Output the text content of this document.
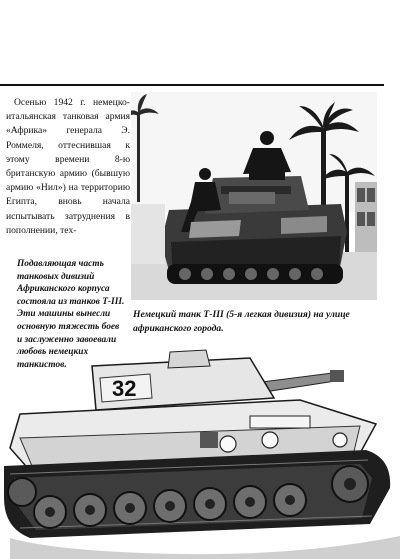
Осенью 1942 г. немецко-итальянская танковая армия «Африка» генерала Э. Роммеля, оттеснившая к этому времени 8-ю британскую армию (бывшую армию «Нил») на территорию Египта, вновь начала испытывать затруднения в пополнении, тех-

Подавляющая часть танковых дивизий Африканского корпуса состояла из танков Т-III. Эти машины вынесли основную тяжесть боев и заслуженно завоевали любовь немецких танкистов.

Немецкий танк Т-III (5-я легкая дивизия) на улице африканского города.

32
